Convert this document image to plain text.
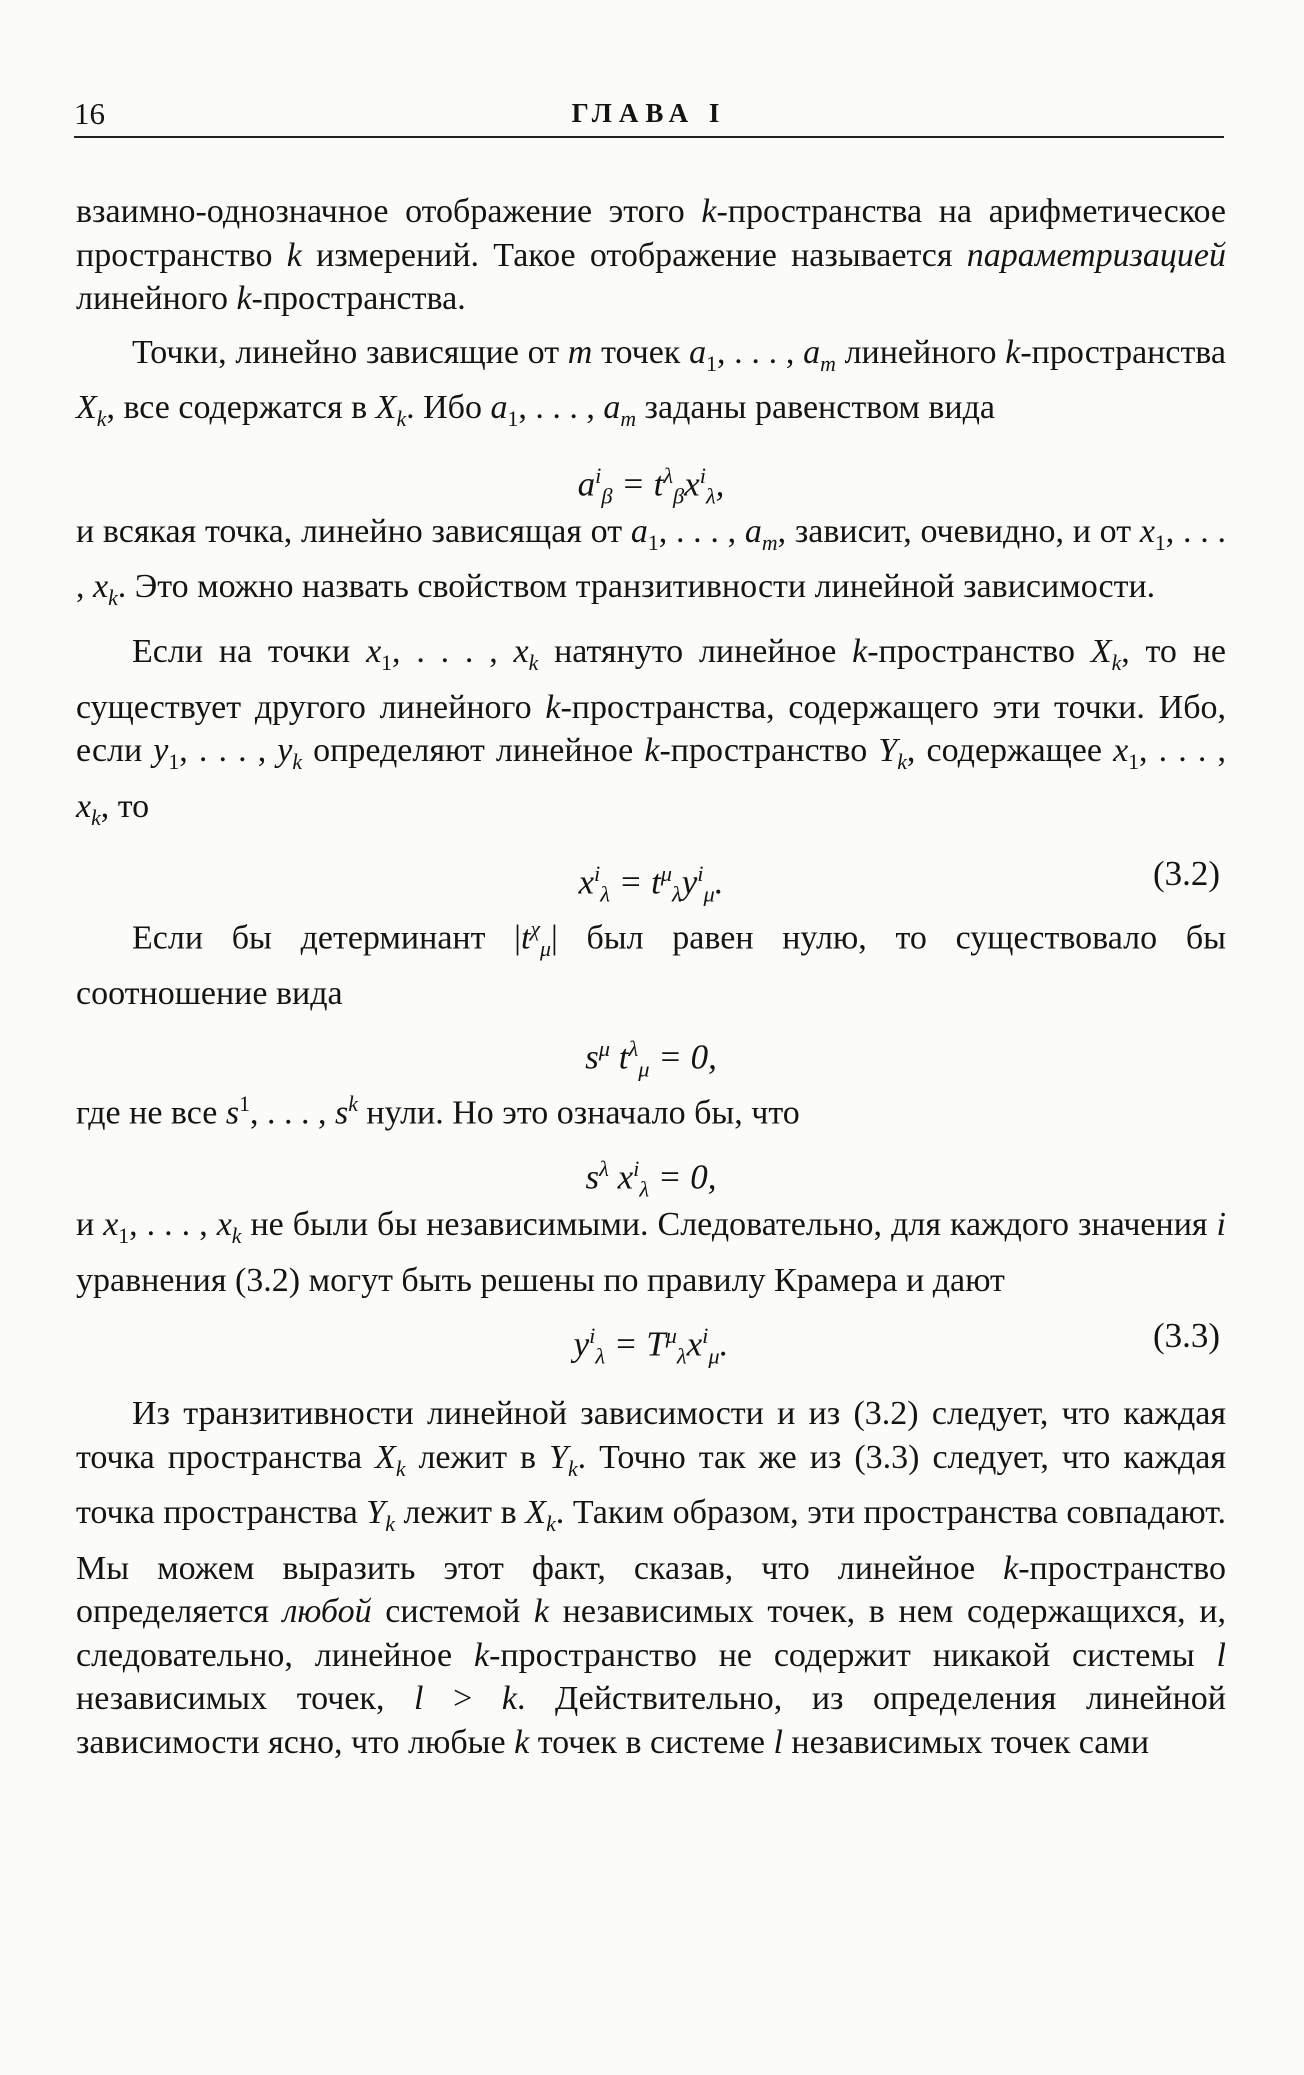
16	ГЛАВА I

взаимно-однозначное отображение этого k-пространства на арифметическое пространство k измерений. Такое отображение называется параметризацией линейного k-пространства.

Точки, линейно зависящие от m точек $a_1$, . . . , $a_m$ линейного k-пространства $X_k$, все содержатся в $X_k$. Ибо $a_1$, . . . , $a_m$ заданы равенством вида

$a^i_\beta = t^\lambda_\beta x^i_\lambda$,

и всякая точка, линейно зависящая от $a_1$, . . . , $a_m$, зависит, очевидно, и от $x_1$, . . . , $x_k$. Это можно назвать свойством транзитивности линейной зависимости.

Если на точки $x_1$, . . . , $x_k$ натянуто линейное k-пространство $X_k$, то не существует другого линейного k-пространства, содержащего эти точки. Ибо, если $y_1$, . . . , $y_k$ определяют линейное k-пространство $Y_k$, содержащее $x_1$, . . . , $x_k$, то

$x^i_\lambda = t^\mu_\lambda y^i_\mu$.	(3.2)

Если бы детерминант $|t^\chi_\mu|$ был равен нулю, то существовало бы соотношение вида

$s^\mu$ $t^\lambda_\mu = 0$,

где не все $s^1$, . . . , $s^k$ нули. Но это означало бы, что

$s^\lambda$ $x^i_\lambda = 0$,

и $x_1$, . . . , $x_k$ не были бы независимыми. Следовательно, для каждого значения i уравнения (3.2) могут быть решены по правилу Крамера и дают

$y^i_\lambda = T^\mu_\lambda x^i_\mu$.	(3.3)

Из транзитивности линейной зависимости и из (3.2) следует, что каждая точка пространства $X_k$ лежит в $Y_k$. Точно так же из (3.3) следует, что каждая точка пространства $Y_k$ лежит в $X_k$. Таким образом, эти пространства совпадают. Мы можем выразить этот факт, сказав, что линейное k-пространство определяется любой системой k независимых точек, в нем содержащихся, и, следовательно, линейное k-пространство не содержит никакой системы l независимых точек, l > k. Действительно, из определения линейной зависимости ясно, что любые k точек в системе l независимых точек сами
